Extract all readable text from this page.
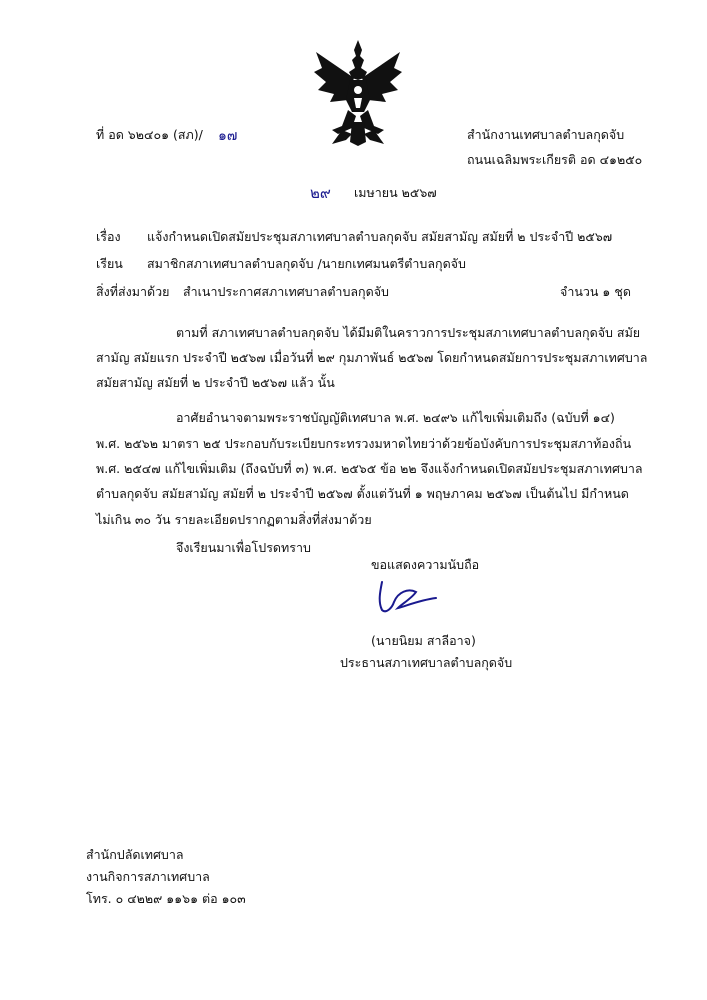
ที่ อด ๖๒๔๐๑ (สภ)/ ๑๗	สำนักงานเทศบาลตำบลกุดจับ
ถนนเฉลิมพระเกียรติ อด ๔๑๒๕๐
๒๙ เมษายน ๒๕๖๗
เรื่อง แจ้งกำหนดเปิดสมัยประชุมสภาเทศบาลตำบลกุดจับ สมัยสามัญ สมัยที่ ๒ ประจำปี ๒๕๖๗
เรียน สมาชิกสภาเทศบาลตำบลกุดจับ /นายกเทศมนตรีตำบลกุดจับ
สิ่งที่ส่งมาด้วย สำเนาประกาศสภาเทศบาลตำบลกุดจับ	จำนวน ๑ ชุด
ตามที่ สภาเทศบาลตำบลกุดจับ ได้มีมติในคราวการประชุมสภาเทศบาลตำบลกุดจับ สมัย
สามัญ สมัยแรก ประจำปี ๒๕๖๗ เมื่อวันที่ ๒๙ กุมภาพันธ์ ๒๕๖๗ โดยกำหนดสมัยการประชุมสภาเทศบาล
สมัยสามัญ สมัยที่ ๒ ประจำปี ๒๕๖๗ แล้ว นั้น
อาศัยอำนาจตามพระราชบัญญัติเทศบาล พ.ศ. ๒๔๙๖ แก้ไขเพิ่มเติมถึง (ฉบับที่ ๑๔)
พ.ศ. ๒๕๖๒ มาตรา ๒๕ ประกอบกับระเบียบกระทรวงมหาดไทยว่าด้วยข้อบังคับการประชุมสภาท้องถิ่น
พ.ศ. ๒๕๔๗ แก้ไขเพิ่มเติม (ถึงฉบับที่ ๓) พ.ศ. ๒๕๖๕ ข้อ ๒๒ จึงแจ้งกำหนดเปิดสมัยประชุมสภาเทศบาล
ตำบลกุดจับ สมัยสามัญ สมัยที่ ๒ ประจำปี ๒๕๖๗ ตั้งแต่วันที่ ๑ พฤษภาคม ๒๕๖๗ เป็นต้นไป มีกำหนด
ไม่เกิน ๓๐ วัน รายละเอียดปรากฏตามสิ่งที่ส่งมาด้วย
จึงเรียนมาเพื่อโปรดทราบ
ขอแสดงความนับถือ
(นายนิยม สาลีอาจ)
ประธานสภาเทศบาลตำบลกุดจับ
สำนักปลัดเทศบาล
งานกิจการสภาเทศบาล
โทร. ๐ ๔๒๒๙ ๑๑๖๑ ต่อ ๑๐๓
